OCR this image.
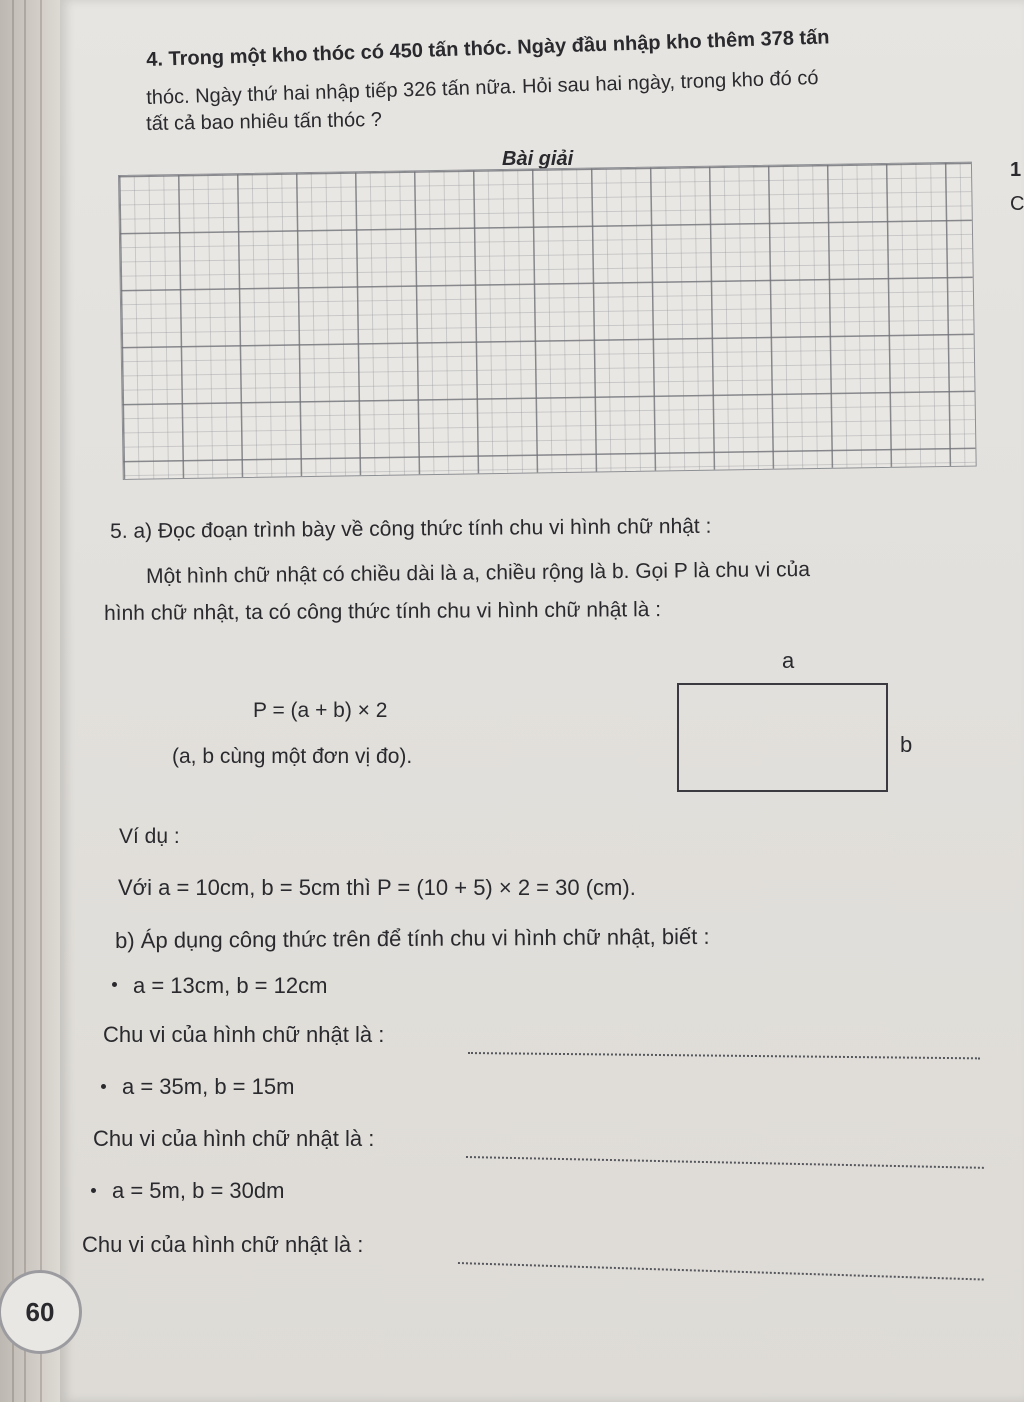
4. Trong một kho thóc có 450 tấn thóc. Ngày đầu nhập kho thêm 378 tấn
thóc. Ngày thứ hai nhập tiếp 326 tấn nữa. Hỏi sau hai ngày, trong kho đó có
tất cả bao nhiêu tấn thóc ?
Bài giải	1
C
5. a) Đọc đoạn trình bày về công thức tính chu vi hình chữ nhật :
Một hình chữ nhật có chiều dài là a, chiều rộng là b. Gọi P là chu vi của
hình chữ nhật, ta có công thức tính chu vi hình chữ nhật là :
P = (a + b) × 2
(a, b cùng một đơn vị đo).
a
b
Ví dụ :
Với a = 10cm, b = 5cm thì P = (10 + 5) × 2 = 30 (cm).
b) Áp dụng công thức trên để tính chu vi hình chữ nhật, biết :
a = 13cm, b = 12cm
Chu vi của hình chữ nhật là :
a = 35m, b = 15m
Chu vi của hình chữ nhật là :
a = 5m, b = 30dm
Chu vi của hình chữ nhật là :
60
